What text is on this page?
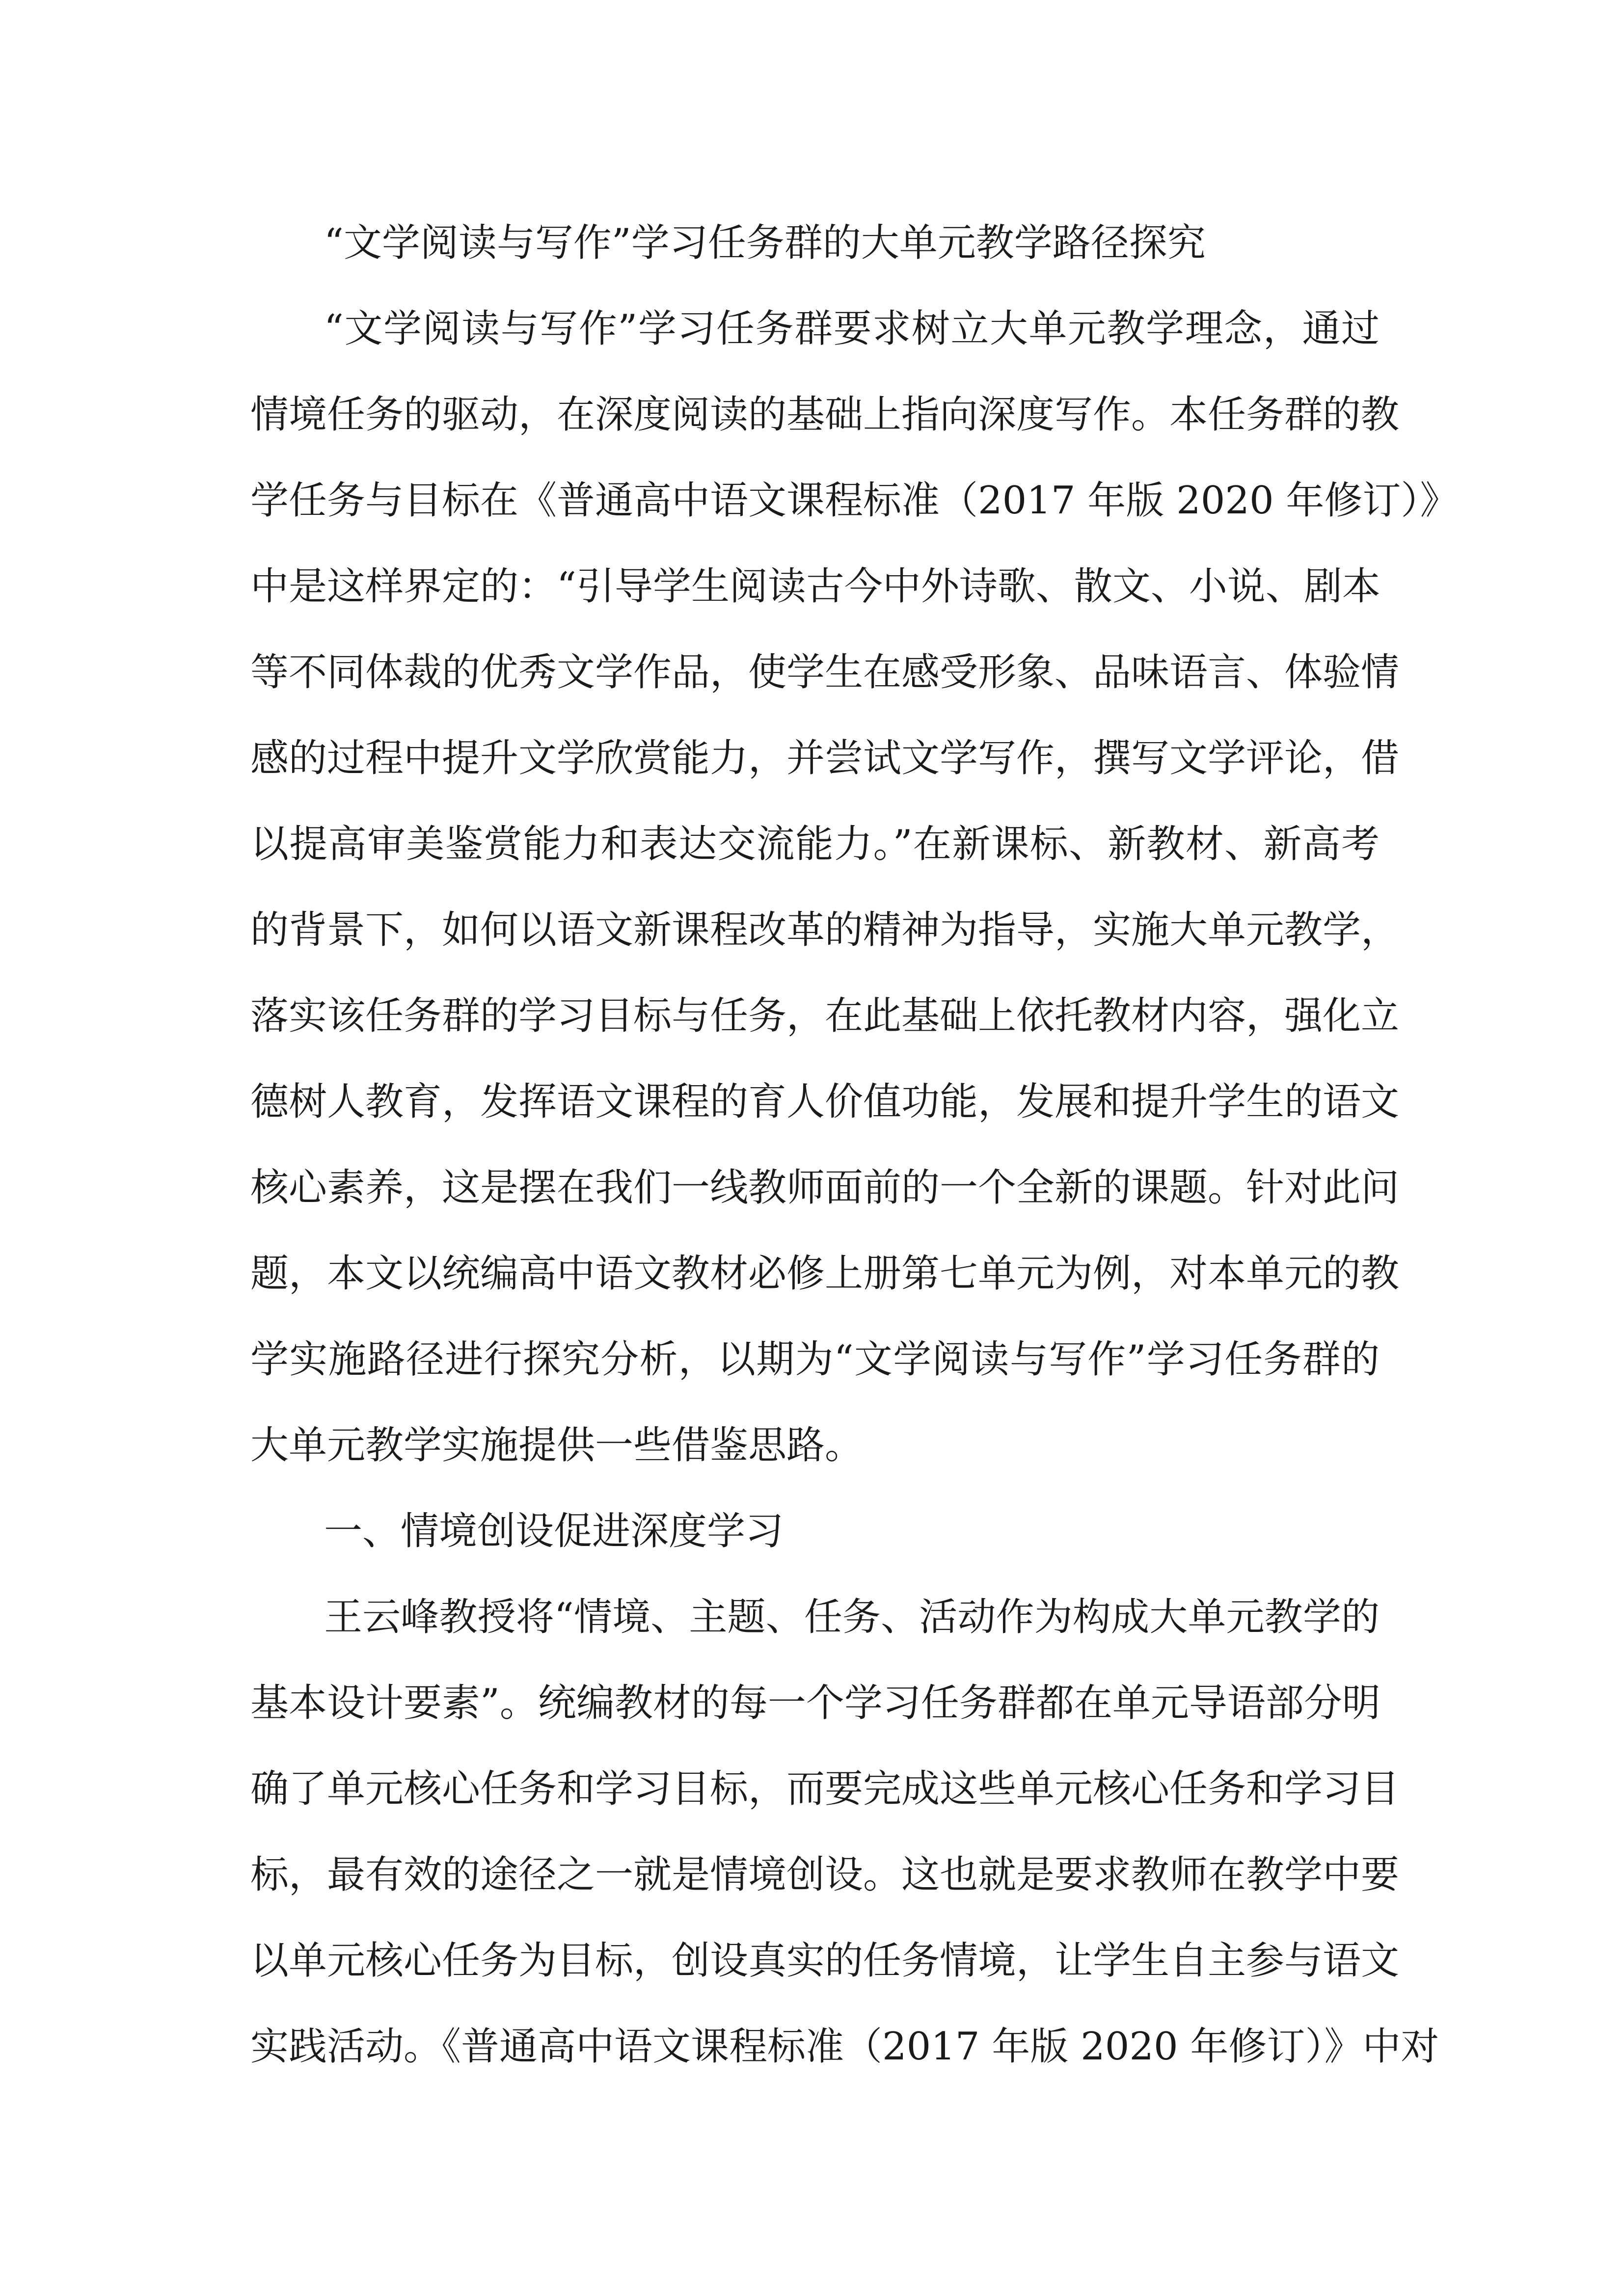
“文学阅读与写作”学习任务群的大单元教学路径探究
“文学阅读与写作”学习任务群要求树立大单元教学理念，通过
情境任务的驱动，在深度阅读的基础上指向深度写作。本任务群的教
学任务与目标在《普通高中语文课程标准（2017 年版 2020 年修订）》
中是这样界定的：“引导学生阅读古今中外诗歌、散文、小说、剧本
等不同体裁的优秀文学作品，使学生在感受形象、品味语言、体验情
感的过程中提升文学欣赏能力，并尝试文学写作，撰写文学评论，借
以提高审美鉴赏能力和表达交流能力。”在新课标、新教材、新高考
的背景下，如何以语文新课程改革的精神为指导，实施大单元教学，
落实该任务群的学习目标与任务，在此基础上依托教材内容，强化立
德树人教育，发挥语文课程的育人价值功能，发展和提升学生的语文
核心素养，这是摆在我们一线教师面前的一个全新的课题。针对此问
题，本文以统编高中语文教材必修上册第七单元为例，对本单元的教
学实施路径进行探究分析，以期为“文学阅读与写作”学习任务群的
大单元教学实施提供一些借鉴思路。
一、情境创设促进深度学习
王云峰教授将“情境、主题、任务、活动作为构成大单元教学的
基本设计要素”。统编教材的每一个学习任务群都在单元导语部分明
确了单元核心任务和学习目标，而要完成这些单元核心任务和学习目
标，最有效的途径之一就是情境创设。这也就是要求教师在教学中要
以单元核心任务为目标，创设真实的任务情境，让学生自主参与语文
实践活动。《普通高中语文课程标准（2017 年版 2020 年修订）》中对
